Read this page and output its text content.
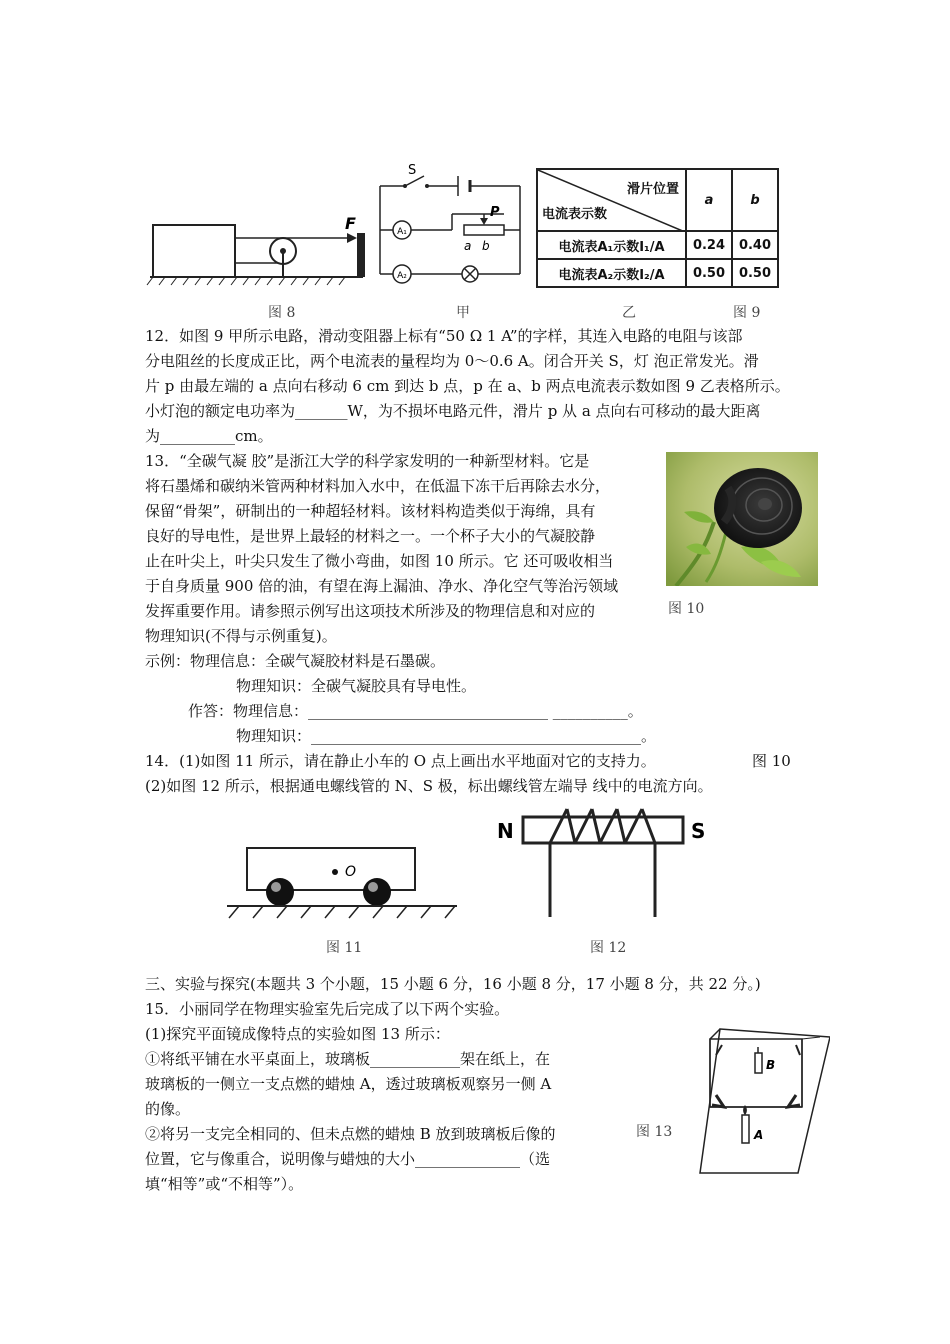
F
图 8
S
A₁
A₂
P
a b
甲
滑片位置
电流表示数	a	b
电流表A₁示数I₁/A	0.24	0.40
电流表A₂示数I₂/A	0.50	0.50
乙	图 9
12．如图 9 甲所示电路，滑动变阻器上标有“50 Ω 1 A”的字样，其连入电路的电阻与该部
分电阻丝的长度成正比，两个电流表的量程均为 0～0.6 A。闭合开关 S，灯 泡正常发光。滑
片 p 由最左端的 a 点向右移动 6 cm 到达 b 点，p 在 a、b 两点电流表示数如图 9 乙表格所示。
小灯泡的额定电功率为_______W，为不损坏电路元件，滑片 p 从 a 点向右可移动的最大距离
为__________cm。
13．“全碳气凝 胶”是浙江大学的科学家发明的一种新型材料。它是
将石墨烯和碳纳米管两种材料加入水中，在低温下冻干后再除去水分，
保留“骨架”，研制出的一种超轻材料。该材料构造类似于海绵，具有
良好的导电性，是世界上最轻的材料之一。一个杯子大小的气凝胶静
止在叶尖上，叶尖只发生了微小弯曲，如图 10 所示。它 还可吸收相当
于自身质量 900 倍的油，有望在海上漏油、净水、净化空气等治污领域
发挥重要作用。请参照示例写出这项技术所涉及的物理信息和对应的
物理知识(不得与示例重复)。
图 10
示例：物理信息：全碳气凝胶材料是石墨碳。
物理知识：全碳气凝胶具有导电性。
作答：物理信息：________________________________ __________。
物理知识：____________________________________________。
14．(1)如图 11 所示，请在静止小车的 O 点上画出水平地面对它的支持力。	图 10
(2)如图 12 所示，根据通电螺线管的 N、S 极，标出螺线管左端导 线中的电流方向。
O
图 11
N	S
图 12
三、实验与探究(本题共 3 个小题，15 小题 6 分，16 小题 8 分，17 小题 8 分，共 22 分。)
15．小丽同学在物理实验室先后完成了以下两个实验。
(1)探究平面镜成像特点的实验如图 13 所示：
①将纸平铺在水平桌面上，玻璃板____________架在纸上，在
玻璃板的一侧立一支点燃的蜡烛 A，透过玻璃板观察另一侧 A
的像。
②将另一支完全相同的、但未点燃的蜡烛 B 放到玻璃板后像的
位置，它与像重合，说明像与蜡烛的大小______________（选
填“相等”或“不相等”）。
B
A
图 13
